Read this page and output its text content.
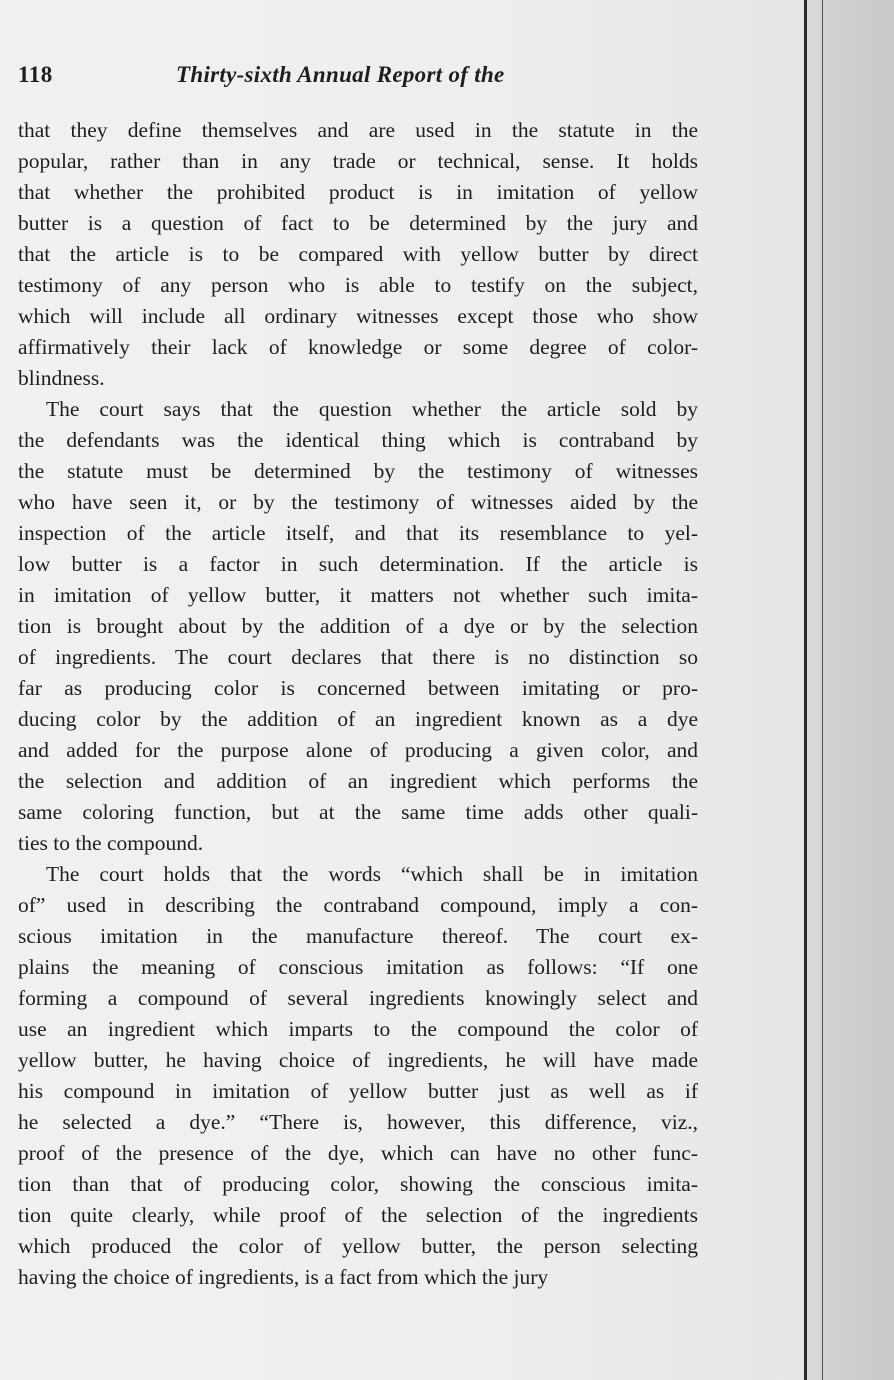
118	Thirty-sixth Annual Report of the
that they define themselves and are used in the statute in the
popular, rather than in any trade or technical, sense. It holds
that whether the prohibited product is in imitation of yellow
butter is a question of fact to be determined by the jury and
that the article is to be compared with yellow butter by direct
testimony of any person who is able to testify on the subject,
which will include all ordinary witnesses except those who show
affirmatively their lack of knowledge or some degree of color-
blindness.
The court says that the question whether the article sold by
the defendants was the identical thing which is contraband by
the statute must be determined by the testimony of witnesses
who have seen it, or by the testimony of witnesses aided by the
inspection of the article itself, and that its resemblance to yel-
low butter is a factor in such determination. If the article is
in imitation of yellow butter, it matters not whether such imita-
tion is brought about by the addition of a dye or by the selection
of ingredients. The court declares that there is no distinction so
far as producing color is concerned between imitating or pro-
ducing color by the addition of an ingredient known as a dye
and added for the purpose alone of producing a given color, and
the selection and addition of an ingredient which performs the
same coloring function, but at the same time adds other quali-
ties to the compound.
The court holds that the words “which shall be in imitation
of” used in describing the contraband compound, imply a con-
scious imitation in the manufacture thereof. The court ex-
plains the meaning of conscious imitation as follows: “If one
forming a compound of several ingredients knowingly select and
use an ingredient which imparts to the compound the color of
yellow butter, he having choice of ingredients, he will have made
his compound in imitation of yellow butter just as well as if
he selected a dye.” “There is, however, this difference, viz.,
proof of the presence of the dye, which can have no other func-
tion than that of producing color, showing the conscious imita-
tion quite clearly, while proof of the selection of the ingredients
which produced the color of yellow butter, the person selecting
having the choice of ingredients, is a fact from which the jury
